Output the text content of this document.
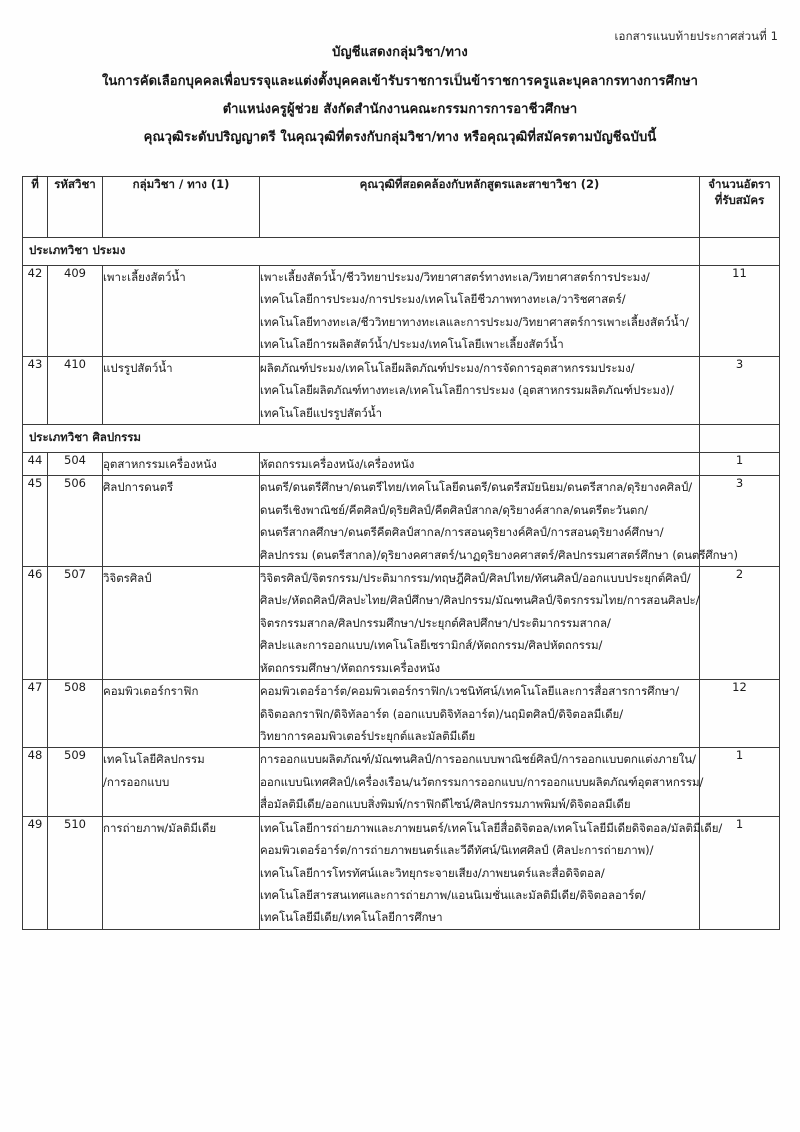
เอกสารแนบท้ายประกาศส่วนที่ 1
บัญชีแสดงกลุ่มวิชา/ทาง
ในการคัดเลือกบุคคลเพื่อบรรจุและแต่งตั้งบุคคลเข้ารับราชการเป็นข้าราชการครูและบุคลากรทางการศึกษา
ตำแหน่งครูผู้ช่วย สังกัดสำนักงานคณะกรรมการการอาชีวศึกษา
คุณวุฒิระดับปริญญาตรี ในคุณวุฒิที่ตรงกับกลุ่มวิชา/ทาง หรือคุณวุฒิที่สมัครตามบัญชีฉบับนี้
ที่	รหัสวิชา	กลุ่มวิชา / ทาง (1)	คุณวุฒิที่สอดคล้องกับหลักสูตรและสาขาวิชา (2)	จำนวนอัตรา
ที่รับสมัคร
ประเภทวิชา ประมง				
42	409	เพาะเลี้ยงสัตว์น้ำ	เพาะเลี้ยงสัตว์น้ำ/ชีววิทยาประมง/วิทยาศาสตร์ทางทะเล/วิทยาศาสตร์การประมง/
เทคโนโลยีการประมง/การประมง/เทคโนโลยีชีวภาพทางทะเล/วาริชศาสตร์/
เทคโนโลยีทางทะเล/ชีววิทยาทางทะเลและการประมง/วิทยาศาสตร์การเพาะเลี้ยงสัตว์น้ำ/
เทคโนโลยีการผลิตสัตว์น้ำ/ประมง/เทคโนโลยีเพาะเลี้ยงสัตว์น้ำ	11
43	410	แปรรูปสัตว์น้ำ	ผลิตภัณฑ์ประมง/เทคโนโลยีผลิตภัณฑ์ประมง/การจัดการอุตสาหกรรมประมง/
เทคโนโลยีผลิตภัณฑ์ทางทะเล/เทคโนโลยีการประมง (อุตสาหกรรมผลิตภัณฑ์ประมง)/
เทคโนโลยีแปรรูปสัตว์น้ำ	3
ประเภทวิชา ศิลปกรรม				
44	504	อุตสาหกรรมเครื่องหนัง	หัตถกรรมเครื่องหนัง/เครื่องหนัง	1
45	506	ศิลปการดนตรี	ดนตรี/ดนตรีศึกษา/ดนตรีไทย/เทคโนโลยีดนตรี/ดนตรีสมัยนิยม/ดนตรีสากล/ดุริยางคศิลป์/
ดนตรีเชิงพาณิชย์/คีตศิลป์/ดุริยศิลป์/คีตศิลป์สากล/ดุริยางค์สากล/ดนตรีตะวันตก/
ดนตรีสากลศึกษา/ดนตรีคีตศิลป์สากล/การสอนดุริยางค์ศิลป์/การสอนดุริยางค์ศึกษา/
ศิลปกรรม (ดนตรีสากล)/ดุริยางคศาสตร์/นาฏดุริยางคศาสตร์/ศิลปกรรมศาสตร์ศึกษา (ดนตรีศึกษา)	3
46	507	วิจิตรศิลป์	วิจิตรศิลป์/จิตรกรรม/ประติมากรรม/ทฤษฎีศิลป์/ศิลปไทย/ทัศนศิลป์/ออกแบบประยุกต์ศิลป์/
ศิลปะ/หัตถศิลป์/ศิลปะไทย/ศิลป์ศึกษา/ศิลปกรรม/มัณฑนศิลป์/จิตรกรรมไทย/การสอนศิลปะ/
จิตรกรรมสากล/ศิลปกรรมศึกษา/ประยุกต์ศิลปศึกษา/ประติมากรรมสากล/
ศิลปะและการออกแบบ/เทคโนโลยีเซรามิกส์/หัตถกรรม/ศิลปหัตถกรรม/
หัตถกรรมศึกษา/หัตถกรรมเครื่องหนัง	2
47	508	คอมพิวเตอร์กราฟิก	คอมพิวเตอร์อาร์ต/คอมพิวเตอร์กราฟิก/เวชนิทัศน์/เทคโนโลยีและการสื่อสารการศึกษา/
ดิจิตอลกราฟิก/ดิจิทัลอาร์ต (ออกแบบดิจิทัลอาร์ต)/นฤมิตศิลป์/ดิจิตอลมีเดีย/
วิทยาการคอมพิวเตอร์ประยุกต์และมัลติมีเดีย	12
48	509	เทคโนโลยีศิลปกรรม
/การออกแบบ	การออกแบบผลิตภัณฑ์/มัณฑนศิลป์/การออกแบบพาณิชย์ศิลป์/การออกแบบตกแต่งภายใน/
ออกแบบนิเทศศิลป์/เครื่องเรือน/นวัตกรรมการออกแบบ/การออกแบบผลิตภัณฑ์อุตสาหกรรม/
สื่อมัลติมีเดีย/ออกแบบสิ่งพิมพ์/กราฟิกดีไซน์/ศิลปกรรมภาพพิมพ์/ดิจิตอลมีเดีย	1
49	510	การถ่ายภาพ/มัลติมีเดีย	เทคโนโลยีการถ่ายภาพและภาพยนตร์/เทคโนโลยีสื่อดิจิตอล/เทคโนโลยีมีเดียดิจิตอล/มัลติมีเดีย/
คอมพิวเตอร์อาร์ต/การถ่ายภาพยนตร์และวีดีทัศน์/นิเทศศิลป์ (ศิลปะการถ่ายภาพ)/
เทคโนโลยีการโทรทัศน์และวิทยุกระจายเสียง/ภาพยนตร์และสื่อดิจิตอล/
เทคโนโลยีสารสนเทศและการถ่ายภาพ/แอนนิเมชั่นและมัลติมีเดีย/ดิจิตอลอาร์ต/
เทคโนโลยีมีเดีย/เทคโนโลยีการศึกษา	1
